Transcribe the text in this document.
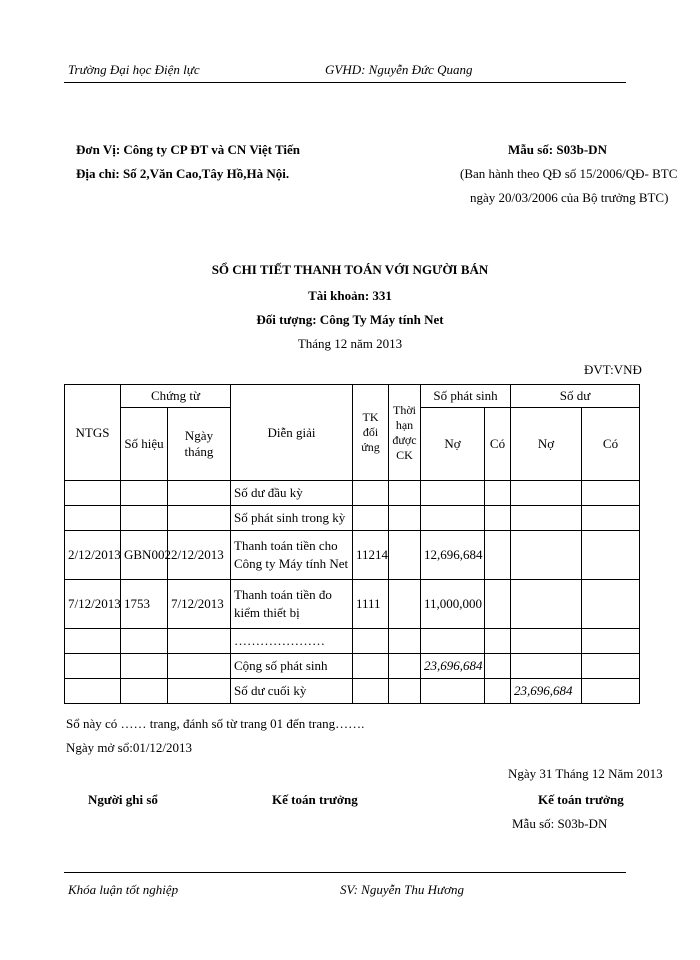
Trường Đại học Điện lực	GVHD: Nguyễn Đức Quang
Đơn Vị: Công ty CP ĐT và CN Việt Tiến
Địa chỉ: Số 2,Văn Cao,Tây Hồ,Hà Nội.
Mẫu số: S03b-DN
(Ban hành theo QĐ số 15/2006/QĐ- BTC
ngày 20/03/2006 của Bộ trưởng BTC)
SỔ CHI TIẾT THANH TOÁN VỚI NGƯỜI BÁN
Tài khoản: 331
Đối tượng: Công Ty Máy tính Net
Tháng 12 năm 2013
ĐVT:VNĐ
NTGS	Chứng từ		Diễn giải	TK đối ứng	Thời hạn được CK	Số phát sinh		Số dư	
	Số hiệu	Ngày tháng				Nợ	Có	Nợ	Có
			Số dư đầu kỳ						
			Số phát sinh trong kỳ						
2/12/2013	GBN002	2/12/2013	Thanh toán tiền cho Công ty Máy tính Net	11214		12,696,684			
7/12/2013	1753	7/12/2013	Thanh toán tiền đo kiểm thiết bị	1111		11,000,000			
			…………………						
			Cộng số phát sinh			23,696,684			
			Số dư cuối kỳ					23,696,684	
Sổ này có …… trang, đánh số từ trang 01 đến trang…….
Ngày mở sổ:01/12/2013
Ngày 31 Tháng 12 Năm 2013
Người ghi sổ	Kế toán trưởng	Kế toán trưởng
Mẫu số: S03b-DN
Khóa luận tốt nghiệp	SV: Nguyễn Thu Hương
